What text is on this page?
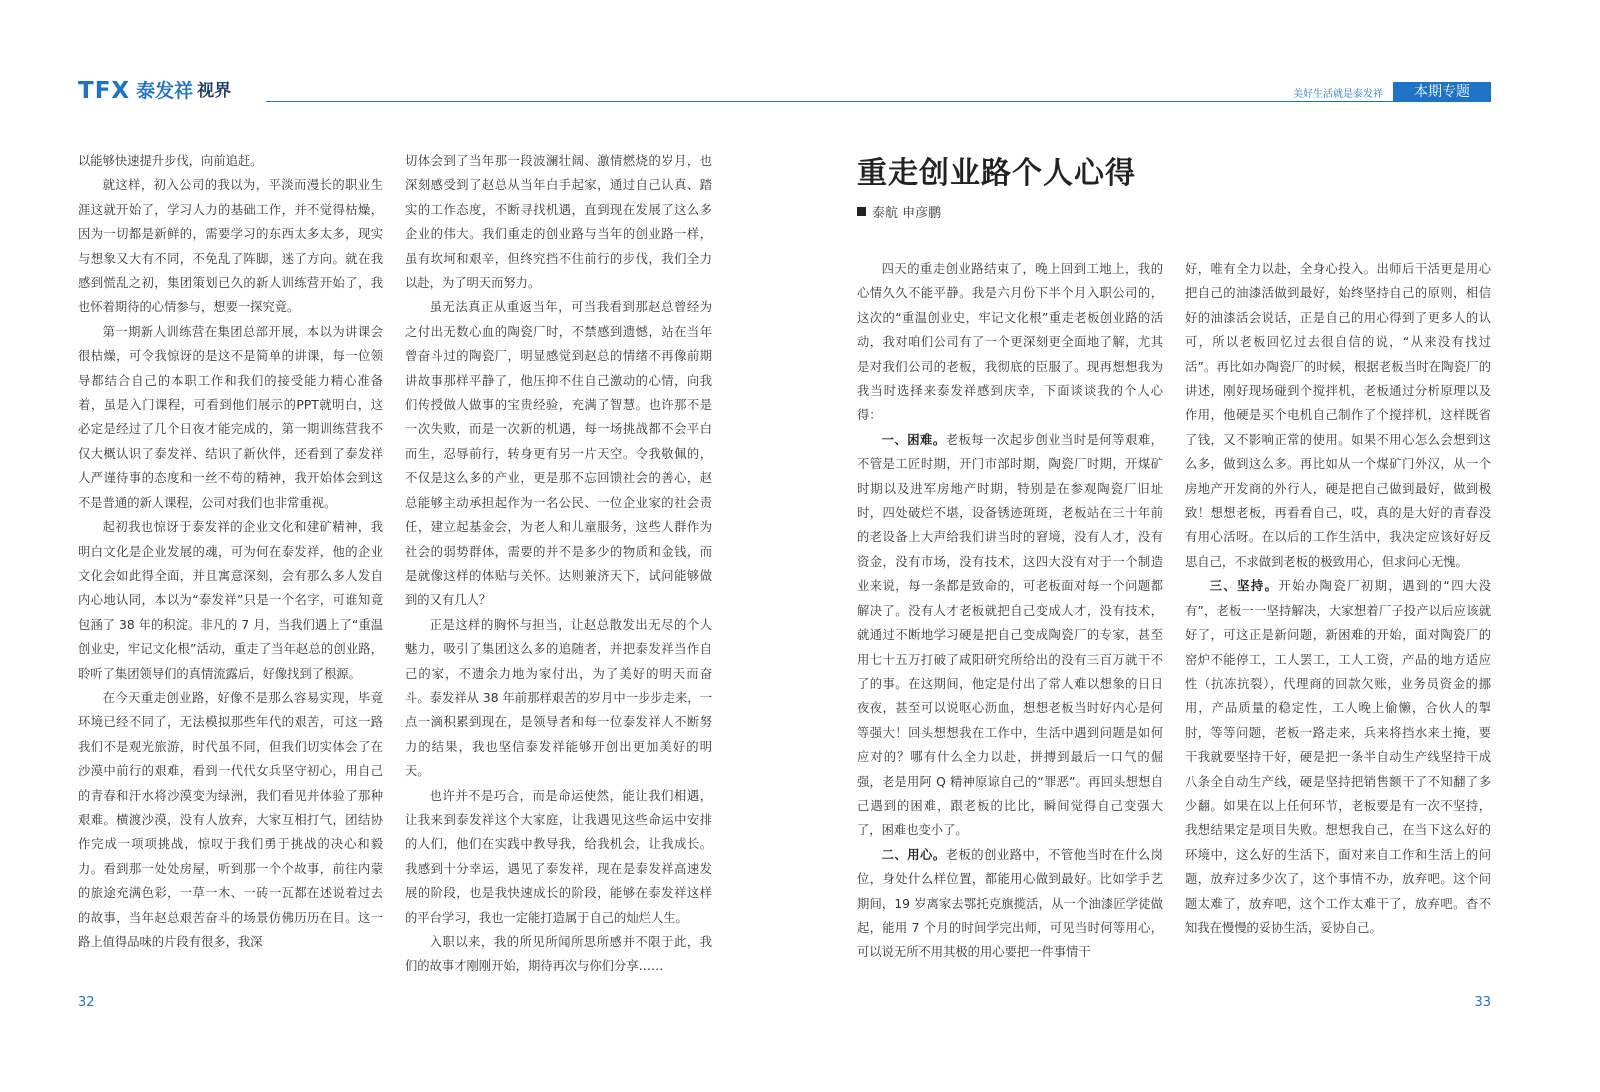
TFX 泰发祥 视界	美好生活就是泰发祥	本期专题

以能够快速提升步伐，向前追赶。

就这样，初入公司的我以为，平淡而漫长的职业生涯这就开始了，学习人力的基础工作，并不觉得枯燥，因为一切都是新鲜的，需要学习的东西太多太多，现实与想象又大有不同，不免乱了阵脚，迷了方向。就在我感到慌乱之初，集团策划已久的新人训练营开始了，我也怀着期待的心情参与，想要一探究竟。

第一期新人训练营在集团总部开展，本以为讲课会很枯燥，可令我惊讶的是这不是简单的讲课，每一位领导都结合自己的本职工作和我们的接受能力精心准备着，虽是入门课程，可看到他们展示的PPT就明白，这必定是经过了几个日夜才能完成的，第一期训练营我不仅大概认识了泰发祥、结识了新伙伴，还看到了泰发祥人严谨待事的态度和一丝不苟的精神，我开始体会到这不是普通的新人课程，公司对我们也非常重视。

起初我也惊讶于泰发祥的企业文化和建矿精神，我明白文化是企业发展的魂，可为何在泰发祥，他的企业文化会如此得全面，并且寓意深刻，会有那么多人发自内心地认同，本以为“泰发祥”只是一个名字，可谁知竟包涵了 38 年的积淀。非凡的 7 月，当我们遇上了“重温创业史，牢记文化根”活动，重走了当年赵总的创业路，聆听了集团领导们的真情流露后，好像找到了根源。

在今天重走创业路，好像不是那么容易实现，毕竟环境已经不同了，无法模拟那些年代的艰苦，可这一路我们不是观光旅游，时代虽不同，但我们切实体会了在沙漠中前行的艰难，看到一代代女兵坚守初心，用自己的青春和汗水将沙漠变为绿洲，我们看见并体验了那种艰难。横渡沙漠，没有人放弃，大家互相打气，团结协作完成一项项挑战，惊叹于我们勇于挑战的决心和毅力。看到那一处处房屋，听到那一个个故事，前往内蒙的旅途充满色彩，一草一木、一砖一瓦都在述说着过去的故事，当年赵总艰苦奋斗的场景仿佛历历在目。这一路上值得品味的片段有很多，我深

切体会到了当年那一段波澜壮阔、激情燃烧的岁月，也深刻感受到了赵总从当年白手起家，通过自己认真、踏实的工作态度，不断寻找机遇，直到现在发展了这么多企业的伟大。我们重走的创业路与当年的创业路一样，虽有坎坷和艰辛，但终究挡不住前行的步伐，我们全力以赴，为了明天而努力。

虽无法真正从重返当年，可当我看到那赵总曾经为之付出无数心血的陶瓷厂时，不禁感到遗憾，站在当年曾奋斗过的陶瓷厂，明显感觉到赵总的情绪不再像前期讲故事那样平静了，他压抑不住自己激动的心情，向我们传授做人做事的宝贵经验，充满了智慧。也许那不是一次失败，而是一次新的机遇，每一场挑战都不会平白而生，忍辱前行，转身更有另一片天空。令我敬佩的，不仅是这么多的产业，更是那不忘回馈社会的善心，赵总能够主动承担起作为一名公民、一位企业家的社会责任，建立起基金会，为老人和儿童服务，这些人群作为社会的弱势群体，需要的并不是多少的物质和金钱，而是就像这样的体贴与关怀。达则兼济天下，试问能够做到的又有几人？

正是这样的胸怀与担当，让赵总散发出无尽的个人魅力，吸引了集团这么多的追随者，并把泰发祥当作自己的家，不遗余力地为家付出，为了美好的明天而奋斗。泰发祥从 38 年前那样艰苦的岁月中一步步走来，一点一滴积累到现在，是领导者和每一位泰发祥人不断努力的结果，我也坚信泰发祥能够开创出更加美好的明天。

也许并不是巧合，而是命运使然，能让我们相遇，让我来到泰发祥这个大家庭，让我遇见这些命运中安排的人们，他们在实践中教导我，给我机会，让我成长。我感到十分幸运，遇见了泰发祥，现在是泰发祥高速发展的阶段，也是我快速成长的阶段，能够在泰发祥这样的平台学习，我也一定能打造属于自己的灿烂人生。

入职以来，我的所见所闻所思所感并不限于此，我们的故事才刚刚开始，期待再次与你们分享……

32
重走创业路个人心得
泰航 申彦鹏

四天的重走创业路结束了，晚上回到工地上，我的心情久久不能平静。我是六月份下半个月入职公司的，这次的“重温创业史，牢记文化根”重走老板创业路的活动，我对咱们公司有了一个更深刻更全面地了解，尤其是对我们公司的老板，我彻底的臣服了。现再想想我为我当时选择来泰发祥感到庆幸，下面谈谈我的个人心得：

一、困难。老板每一次起步创业当时是何等艰难，不管是工匠时期，开门市部时期，陶瓷厂时期，开煤矿时期以及进军房地产时期，特别是在参观陶瓷厂旧址时，四处破烂不堪，设备锈迹斑斑，老板站在三十年前的老设备上大声给我们讲当时的窘境，没有人才，没有资金，没有市场，没有技术，这四大没有对于一个制造业来说，每一条都是致命的，可老板面对每一个问题都解决了。没有人才老板就把自己变成人才，没有技术，就通过不断地学习硬是把自己变成陶瓷厂的专家，甚至用七十五万打破了咸阳研究所给出的没有三百万就干不了的事。在这期间，他定是付出了常人难以想象的日日夜夜，甚至可以说呕心沥血，想想老板当时好内心是何等强大！回头想想我在工作中，生活中遇到问题是如何应对的？哪有什么全力以赴，拼搏到最后一口气的倔强，老是用阿 Q 精神原谅自己的“罪恶”。再回头想想自己遇到的困难，跟老板的比比，瞬间觉得自己变强大了，困难也变小了。

二、用心。老板的创业路中，不管他当时在什么岗位，身处什么样位置，都能用心做到最好。比如学手艺期间，19 岁离家去鄂托克旗揽活，从一个油漆匠学徒做起，能用 7 个月的时间学完出师，可见当时何等用心，可以说无所不用其极的用心要把一件事情干

好，唯有全力以赴，全身心投入。出师后干活更是用心把自己的油漆活做到最好，始终坚持自己的原则，相信好的油漆活会说话，正是自己的用心得到了更多人的认可，所以老板回忆过去很自信的说，“从来没有找过活”。再比如办陶瓷厂的时候，根据老板当时在陶瓷厂的讲述，刚好现场碰到个搅拌机，老板通过分析原理以及作用，他硬是买个电机自己制作了个搅拌机，这样既省了钱，又不影响正常的使用。如果不用心怎么会想到这么多，做到这么多。再比如从一个煤矿门外汉，从一个房地产开发商的外行人，硬是把自己做到最好，做到极致！想想老板，再看看自己，哎，真的是大好的青春没有用心活呀。在以后的工作生活中，我决定应该好好反思自己，不求做到老板的极致用心，但求问心无愧。

三、坚持。开始办陶瓷厂初期，遇到的“四大没有”，老板一一坚持解决，大家想着厂子投产以后应该就好了，可这正是新问题，新困难的开始，面对陶瓷厂的窑炉不能停工，工人罢工，工人工资，产品的地方适应性（抗冻抗裂），代理商的回款欠账，业务员资金的挪用，产品质量的稳定性，工人晚上偷懒，合伙人的掣肘，等等问题，老板一路走来，兵来将挡水来土掩，要干我就要坚持干好，硬是把一条半自动生产线坚持干成八条全自动生产线，硬是坚持把销售额干了不知翻了多少翻。如果在以上任何环节，老板要是有一次不坚持，我想结果定是项目失败。想想我自己，在当下这么好的环境中，这么好的生活下，面对来自工作和生活上的问题，放弃过多少次了，这个事情不办，放弃吧。这个问题太难了，放弃吧，这个工作太难干了，放弃吧。杳不知我在慢慢的妥协生活，妥协自己。

33
